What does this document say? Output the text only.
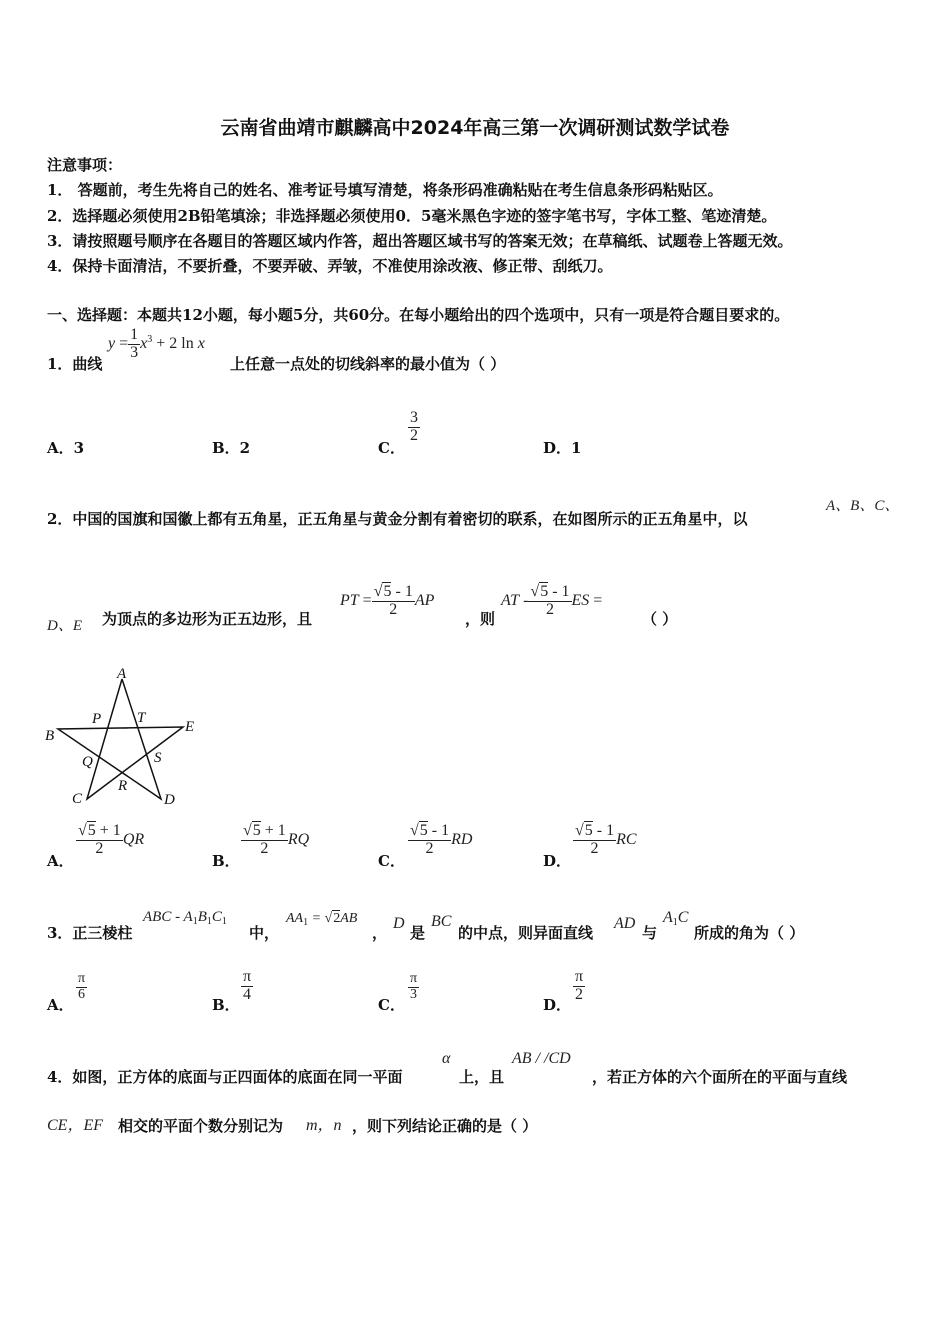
云南省曲靖市麒麟高中2024年高三第一次调研测试数学试卷
注意事项：
1． 答题前，考生先将自己的姓名、准考证号填写清楚，将条形码准确粘贴在考生信息条形码粘贴区。
2．选择题必须使用2B铅笔填涂；非选择题必须使用0．5毫米黑色字迹的签字笔书写，字体工整、笔迹清楚。
3．请按照题号顺序在各题目的答题区域内作答，超出答题区域书写的答案无效；在草稿纸、试题卷上答题无效。
4．保持卡面清洁，不要折叠，不要弄破、弄皱，不准使用涂改液、修正带、刮纸刀。
一、选择题：本题共12小题，每小题5分，共60分。在每小题给出的四个选项中，只有一项是符合题目要求的。
1．曲线
$y = \frac{1}{3} x^3 + 2$ ln x
上任意一点处的切线斜率的最小值为（ ）
A．3	B．2	C．
$\frac{3}{2}$
D．1
2．中国的国旗和国徽上都有五角星，正五角星与黄金分割有着密切的联系，在如图所示的正五角星中，以
A、B、C、
D、E 为顶点的多边形为正五边形，且
PT = $\frac{√5 - 1}{2}$ AP
，则
AT - $\frac{√5 - 1}{2}$ ES =
（ ）
A
B
C	D
E
P T
Q	S
R
A．
$\frac{√5 + 1}{2}$ QR
B．
$\frac{√5 + 1}{2}$ RQ
C．
$\frac{√5 - 1}{2}$ RD
D．
$\frac{√5 - 1}{2}$ RC
3．正三棱柱
ABC - $A_1B_1C_1$
中，
$AA_1 = √2AB$
，
D
是
BC
的中点，则异面直线
AD
与
$A_1C$
所成的角为（ ）
A．
$\frac{\pi}{6}$
B．
$\frac{\pi}{4}$
C．
$\frac{\pi}{3}$
D．
$\frac{\pi}{2}$
4．如图，正方体的底面与正四面体的底面在同一平面
α
上，且
AB / /CD
，若正方体的六个面所在的平面与直线
CE，EF 相交的平面个数分别记为 m，n ，则下列结论正确的是（ ）
